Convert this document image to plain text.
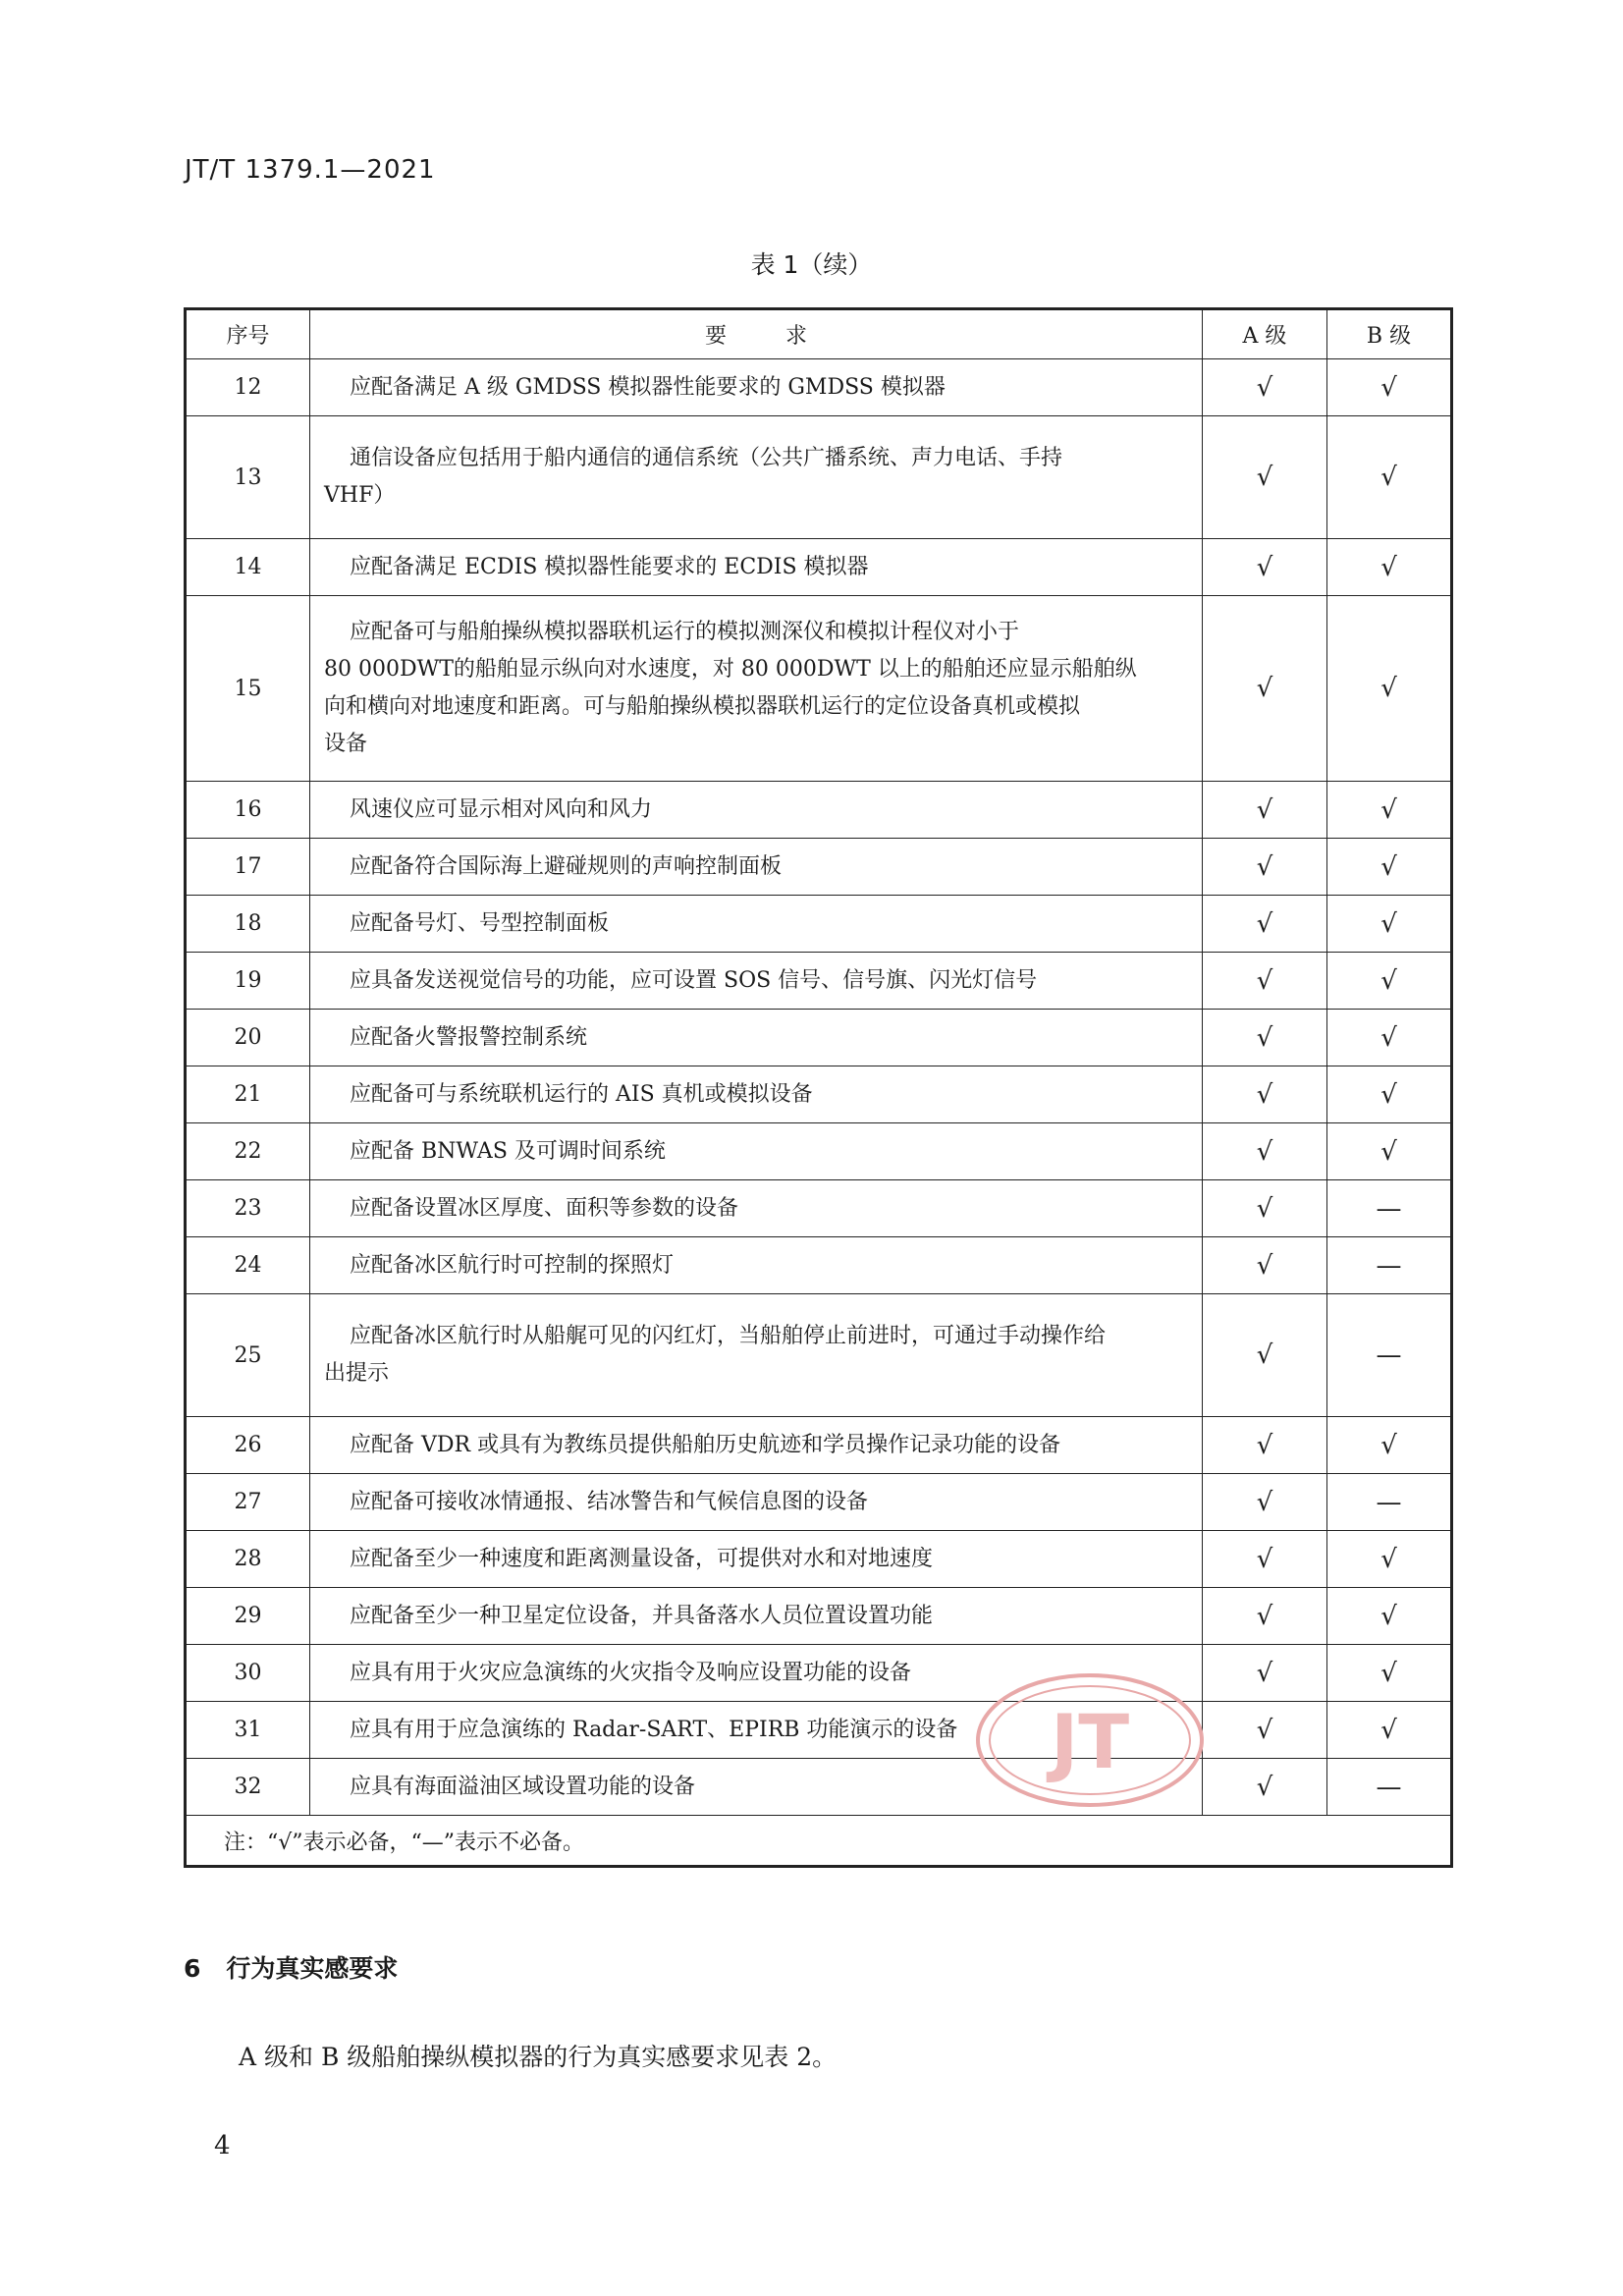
JT/T 1379.1—2021
表 1（续）
序号	要求	A 级	B 级
12	应配备满足 A 级 GMDSS 模拟器性能要求的 GMDSS 模拟器	√	√
13	通信设备应包括用于船内通信的通信系统（公共广播系统、声力电话、手持
VHF）	√	√
14	应配备满足 ECDIS 模拟器性能要求的 ECDIS 模拟器	√	√
15	应配备可与船舶操纵模拟器联机运行的模拟测深仪和模拟计程仪对小于
80 000DWT的船舶显示纵向对水速度，对 80 000DWT 以上的船舶还应显示船舶纵
向和横向对地速度和距离。可与船舶操纵模拟器联机运行的定位设备真机或模拟
设备	√	√
16	风速仪应可显示相对风向和风力	√	√
17	应配备符合国际海上避碰规则的声响控制面板	√	√
18	应配备号灯、号型控制面板	√	√
19	应具备发送视觉信号的功能，应可设置 SOS 信号、信号旗、闪光灯信号	√	√
20	应配备火警报警控制系统	√	√
21	应配备可与系统联机运行的 AIS 真机或模拟设备	√	√
22	应配备 BNWAS 及可调时间系统	√	√
23	应配备设置冰区厚度、面积等参数的设备	√	—
24	应配备冰区航行时可控制的探照灯	√	—
25	应配备冰区航行时从船艉可见的闪红灯，当船舶停止前进时，可通过手动操作给
出提示	√	—
26	应配备 VDR 或具有为教练员提供船舶历史航迹和学员操作记录功能的设备	√	√
27	应配备可接收冰情通报、结冰警告和气候信息图的设备	√	—
28	应配备至少一种速度和距离测量设备，可提供对水和对地速度	√	√
29	应配备至少一种卫星定位设备，并具备落水人员位置设置功能	√	√
30	应具有用于火灾应急演练的火灾指令及响应设置功能的设备	√	√
31	应具有用于应急演练的 Radar-SART、EPIRB 功能演示的设备	√	√
32	应具有海面溢油区域设置功能的设备	√	—
注：“√”表示必备，“—”表示不必备。			
JT
6 行为真实感要求
A 级和 B 级船舶操纵模拟器的行为真实感要求见表 2。
4
